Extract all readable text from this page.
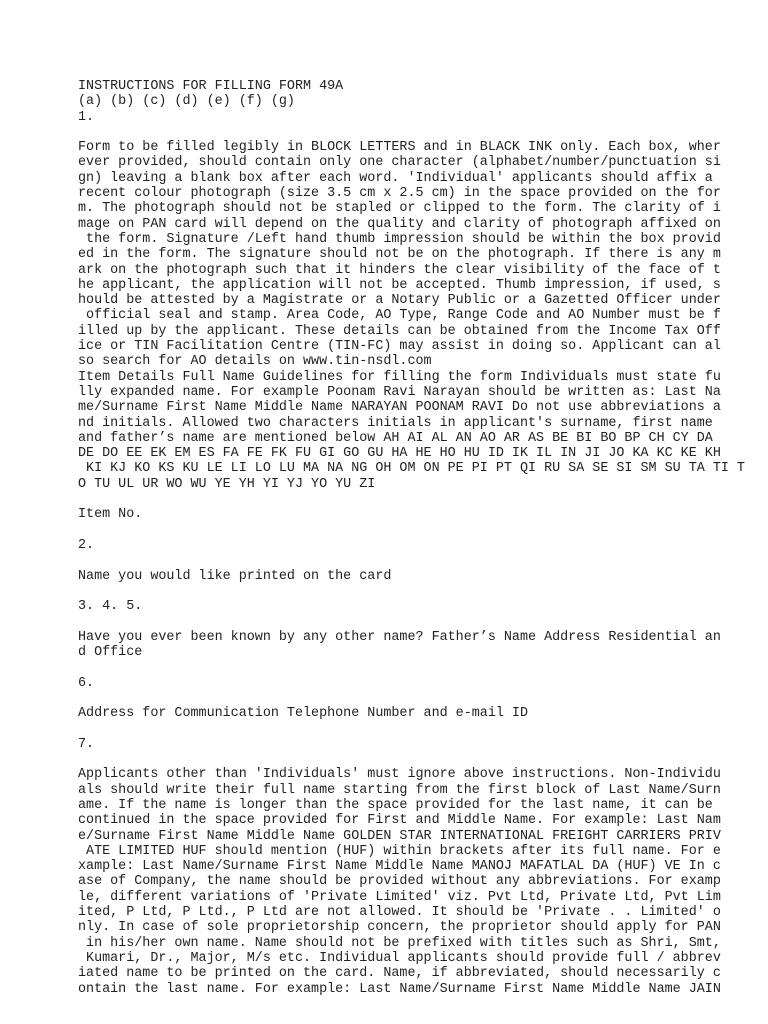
INSTRUCTIONS FOR FILLING FORM 49A
(a) (b) (c) (d) (e) (f) (g)
1.
Form to be filled legibly in BLOCK LETTERS and in BLACK INK only. Each box, wher
ever provided, should contain only one character (alphabet/number/punctuation si
gn) leaving a blank box after each word. 'Individual' applicants should affix a
recent colour photograph (size 3.5 cm x 2.5 cm) in the space provided on the for
m. The photograph should not be stapled or clipped to the form. The clarity of i
mage on PAN card will depend on the quality and clarity of photograph affixed on
the form. Signature /Left hand thumb impression should be within the box provid
ed in the form. The signature should not be on the photograph. If there is any m
ark on the photograph such that it hinders the clear visibility of the face of t
he applicant, the application will not be accepted. Thumb impression, if used, s
hould be attested by a Magistrate or a Notary Public or a Gazetted Officer under
official seal and stamp. Area Code, AO Type, Range Code and AO Number must be f
illed up by the applicant. These details can be obtained from the Income Tax Off
ice or TIN Facilitation Centre (TIN-FC) may assist in doing so. Applicant can al
so search for AO details on www.tin-nsdl.com
Item Details Full Name Guidelines for filling the form Individuals must state fu
lly expanded name. For example Poonam Ravi Narayan should be written as: Last Na
me/Surname First Name Middle Name NARAYAN POONAM RAVI Do not use abbreviations a
nd initials. Allowed two characters initials in applicant's surname, first name
and father’s name are mentioned below AH AI AL AN AO AR AS BE BI BO BP CH CY DA
DE DO EE EK EM ES FA FE FK FU GI GO GU HA HE HO HU ID IK IL IN JI JO KA KC KE KH
KI KJ KO KS KU LE LI LO LU MA NA NG OH OM ON PE PI PT QI RU SA SE SI SM SU TA TI T
O TU UL UR WO WU YE YH YI YJ YO YU ZI
Item No.
2.
Name you would like printed on the card
3. 4. 5.
Have you ever been known by any other name? Father’s Name Address Residential an
d Office
6.
Address for Communication Telephone Number and e-mail ID
7.
Applicants other than 'Individuals' must ignore above instructions. Non-Individu
als should write their full name starting from the first block of Last Name/Surn
ame. If the name is longer than the space provided for the last name, it can be
continued in the space provided for First and Middle Name. For example: Last Nam
e/Surname First Name Middle Name GOLDEN STAR INTERNATIONAL FREIGHT CARRIERS PRIV
ATE LIMITED HUF should mention (HUF) within brackets after its full name. For e
xample: Last Name/Surname First Name Middle Name MANOJ MAFATLAL DA (HUF) VE In c
ase of Company, the name should be provided without any abbreviations. For examp
le, different variations of 'Private Limited' viz. Pvt Ltd, Private Ltd, Pvt Lim
ited, P Ltd, P Ltd., P Ltd are not allowed. It should be 'Private . . Limited' o
nly. In case of sole proprietorship concern, the proprietor should apply for PAN
in his/her own name. Name should not be prefixed with titles such as Shri, Smt,
Kumari, Dr., Major, M/s etc. Individual applicants should provide full / abbrev
iated name to be printed on the card. Name, if abbreviated, should necessarily c
ontain the last name. For example: Last Name/Surname First Name Middle Name JAIN
